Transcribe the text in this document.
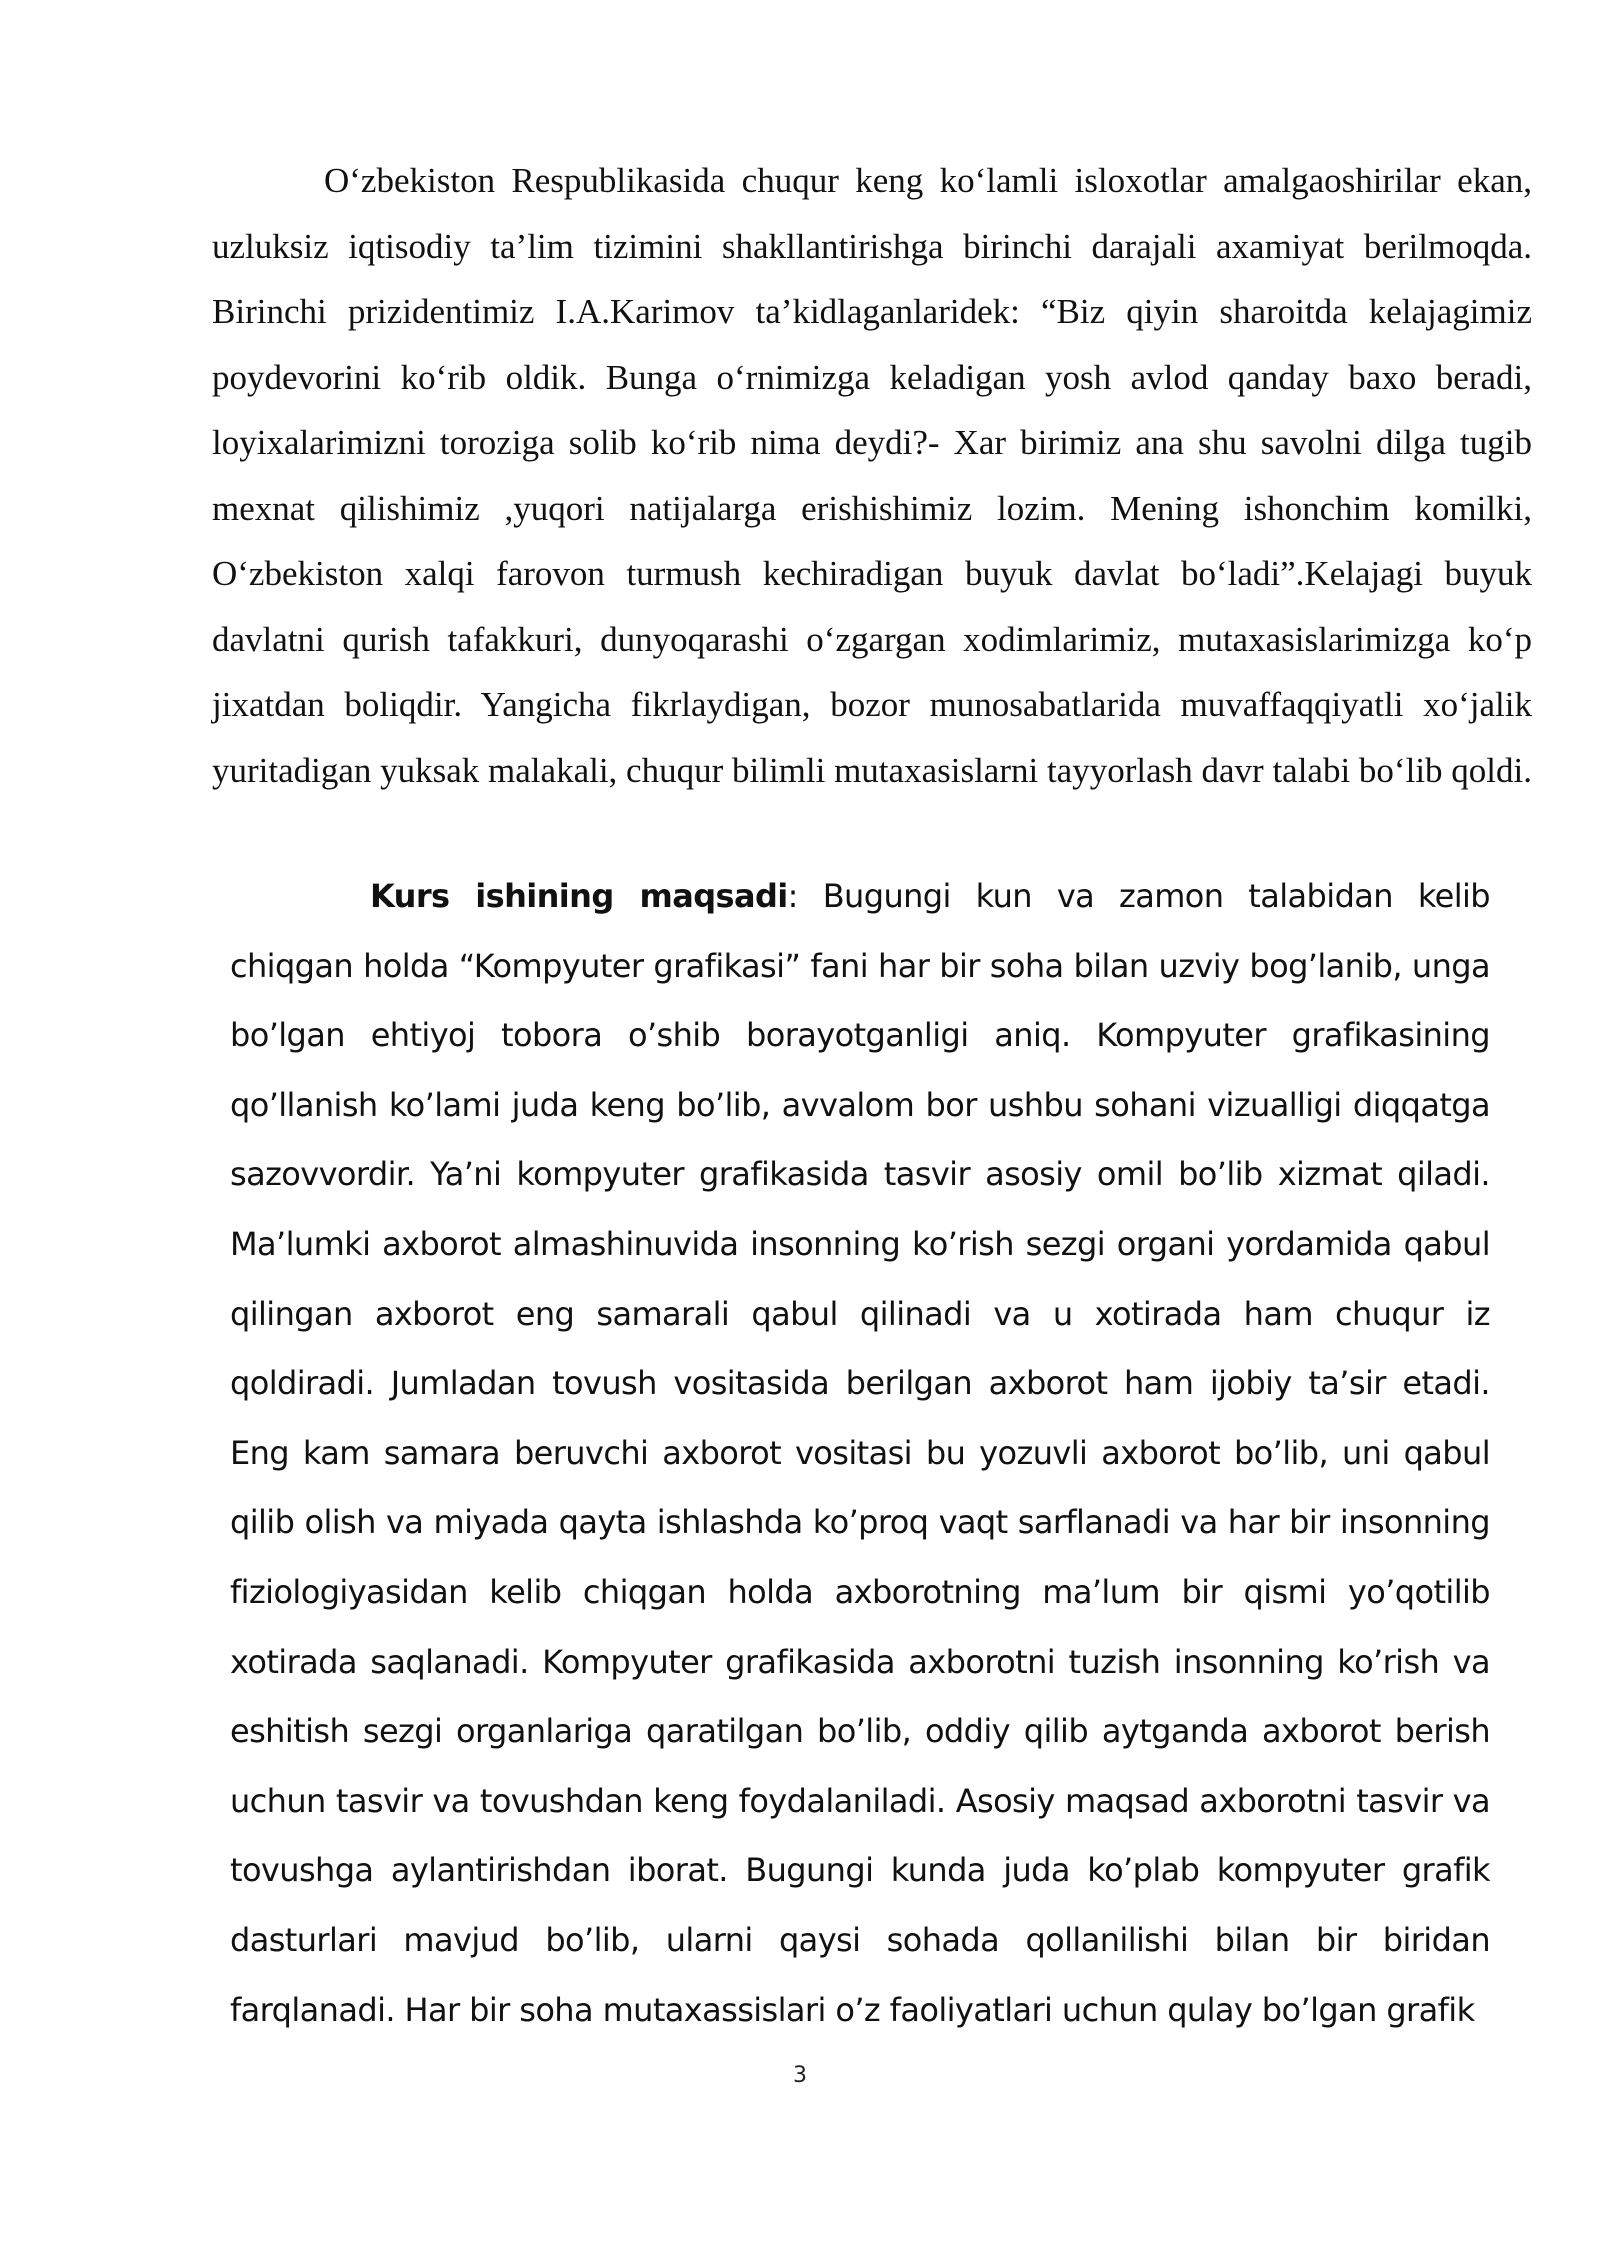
O‘zbekiston Respublikasida chuqur keng ko‘lamli isloxotlar amalgaoshirilar ekan, uzluksiz iqtisodiy ta’lim tizimini shakllantirishga birinchi darajali axamiyat berilmoqda. Birinchi prizidentimiz I.A.Karimov ta’kidlaganlaridek: “Biz qiyin sharoitda kelajagimiz poydevorini ko‘rib oldik. Bunga o‘rnimizga keladigan yosh avlod qanday baxo beradi, loyixalarimizni toroziga solib ko‘rib nima deydi?- Xar birimiz ana shu savolni dilga tugib mexnat qilishimiz ,yuqori natijalarga erishishimiz lozim. Mening ishonchim komilki, O‘zbekiston xalqi farovon turmush kechiradigan buyuk davlat bo‘ladi”.Kelajagi buyuk davlatni qurish tafakkuri, dunyoqarashi o‘zgargan xodimlarimiz, mutaxasislarimizga ko‘p jixatdan boliqdir. Yangicha fikrlaydigan, bozor munosabatlarida muvaffaqqiyatli xo‘jalik yuritadigan yuksak malakali, chuqur bilimli mutaxasislarni tayyorlash davr talabi bo‘lib qoldi.

Kurs ishining maqsadi: Bugungi kun va zamon talabidan kelib chiqgan holda “Kompyuter grafikasi” fani har bir soha bilan uzviy bog’lanib, unga bo’lgan ehtiyoj tobora o’shib borayotganligi aniq. Kompyuter grafikasining qo’llanish ko’lami juda keng bo’lib, avvalom bor ushbu sohani vizualligi diqqatga sazovvordir. Ya’ni kompyuter grafikasida tasvir asosiy omil bo’lib xizmat qiladi. Ma’lumki axborot almashinuvida insonning ko’rish sezgi organi yordamida qabul qilingan axborot eng samarali qabul qilinadi va u xotirada ham chuqur iz qoldiradi. Jumladan tovush vositasida berilgan axborot ham ijobiy ta’sir etadi. Eng kam samara beruvchi axborot vositasi bu yozuvli axborot bo’lib, uni qabul qilib olish va miyada qayta ishlashda ko’proq vaqt sarflanadi va har bir insonning fiziologiyasidan kelib chiqgan holda axborotning ma’lum bir qismi yo’qotilib xotirada saqlanadi. Kompyuter grafikasida axborotni tuzish insonning ko’rish va eshitish sezgi organlariga qaratilgan bo’lib, oddiy qilib aytganda axborot berish uchun tasvir va tovushdan keng foydalaniladi. Asosiy maqsad axborotni tasvir va tovushga aylantirishdan iborat. Bugungi kunda juda ko’plab kompyuter grafik dasturlari mavjud bo’lib, ularni qaysi sohada qollanilishi bilan bir biridan farqlanadi. Har bir soha mutaxassislari o’z faoliyatlari uchun qulay bo’lgan grafik

3
